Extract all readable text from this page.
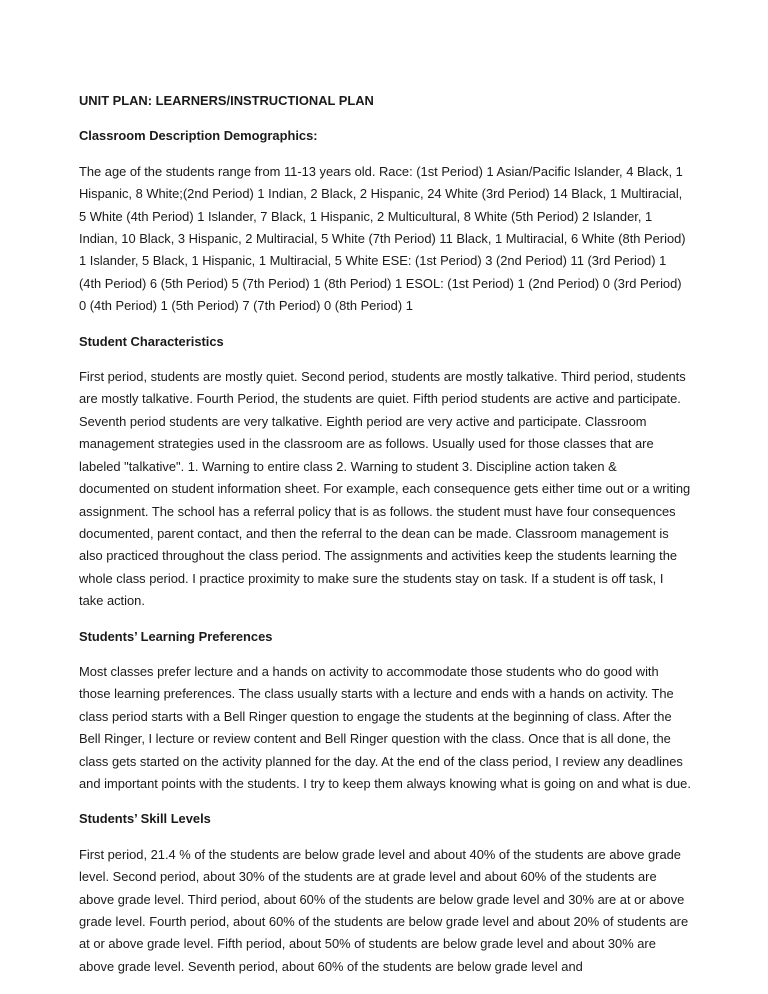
UNIT PLAN: LEARNERS/INSTRUCTIONAL PLAN
Classroom Description Demographics:

The age of the students range from 11-13 years old. Race: (1st Period) 1 Asian/Pacific Islander, 4 Black, 1 Hispanic, 8 White;(2nd Period) 1 Indian, 2 Black, 2 Hispanic, 24 White (3rd Period) 14 Black, 1 Multiracial, 5 White (4th Period) 1 Islander, 7 Black, 1 Hispanic, 2 Multicultural, 8 White (5th Period) 2 Islander, 1 Indian, 10 Black, 3 Hispanic, 2 Multiracial, 5 White (7th Period) 11 Black, 1 Multiracial, 6 White (8th Period) 1 Islander, 5 Black, 1 Hispanic, 1 Multiracial, 5 White ESE: (1st Period) 3 (2nd Period) 11 (3rd Period) 1 (4th Period) 6 (5th Period) 5 (7th Period) 1 (8th Period) 1 ESOL: (1st Period) 1 (2nd Period) 0 (3rd Period) 0 (4th Period) 1 (5th Period) 7 (7th Period) 0 (8th Period) 1

Student Characteristics

First period, students are mostly quiet. Second period, students are mostly talkative. Third period, students are mostly talkative. Fourth Period, the students are quiet. Fifth period students are active and participate. Seventh period students are very talkative. Eighth period are very active and participate. Classroom management strategies used in the classroom are as follows. Usually used for those classes that are labeled "talkative". 1. Warning to entire class 2. Warning to student 3. Discipline action taken & documented on student information sheet. For example, each consequence gets either time out or a writing assignment. The school has a referral policy that is as follows. the student must have four consequences documented, parent contact, and then the referral to the dean can be made. Classroom management is also practiced throughout the class period. The assignments and activities keep the students learning the whole class period. I practice proximity to make sure the students stay on task. If a student is off task, I take action.

Students’ Learning Preferences

Most classes prefer lecture and a hands on activity to accommodate those students who do good with those learning preferences. The class usually starts with a lecture and ends with a hands on activity. The class period starts with a Bell Ringer question to engage the students at the beginning of class. After the Bell Ringer, I lecture or review content and Bell Ringer question with the class. Once that is all done, the class gets started on the activity planned for the day. At the end of the class period, I review any deadlines and important points with the students. I try to keep them always knowing what is going on and what is due.

Students’ Skill Levels

First period, 21.4 % of the students are below grade level and about 40% of the students are above grade level. Second period, about 30% of the students are at grade level and about 60% of the students are above grade level. Third period, about 60% of the students are below grade level and 30% are at or above grade level. Fourth period, about 60% of the students are below grade level and about 20% of students are at or above grade level. Fifth period, about 50% of students are below grade level and about 30% are above grade level. Seventh period, about 60% of the students are below grade level and
